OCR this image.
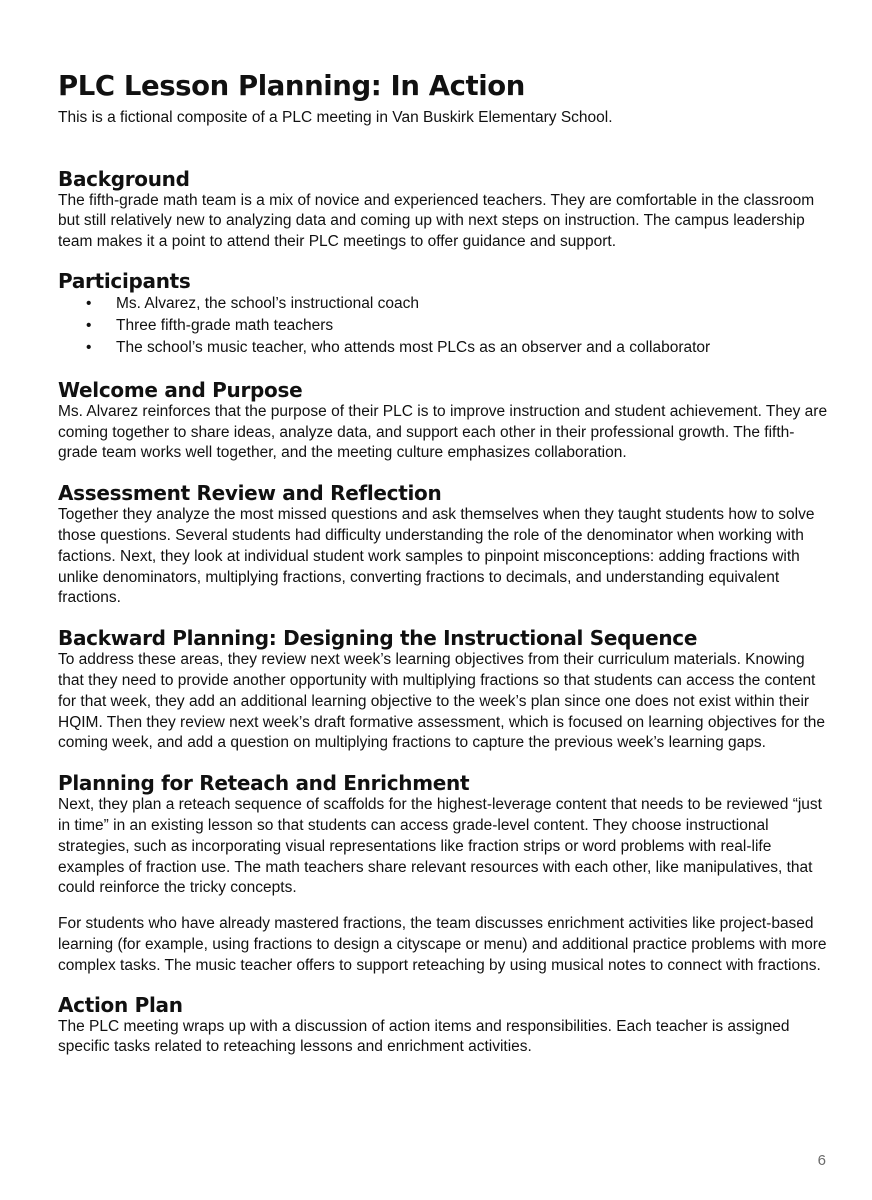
PLC Lesson Planning: In Action

This is a fictional composite of a PLC meeting in Van Buskirk Elementary School.

Background

The fifth-grade math team is a mix of novice and experienced teachers. They are comfortable in the classroom but still relatively new to analyzing data and coming up with next steps on instruction. The campus leadership team makes it a point to attend their PLC meetings to offer guidance and support.

Participants
• Ms. Alvarez, the school’s instructional coach
• Three fifth-grade math teachers
• The school’s music teacher, who attends most PLCs as an observer and a collaborator
Welcome and Purpose

Ms. Alvarez reinforces that the purpose of their PLC is to improve instruction and student achievement. They are coming together to share ideas, analyze data, and support each other in their professional growth. The fifth-grade team works well together, and the meeting culture emphasizes collaboration.

Assessment Review and Reflection

Together they analyze the most missed questions and ask themselves when they taught students how to solve those questions. Several students had difficulty understanding the role of the denominator when working with factions. Next, they look at individual student work samples to pinpoint misconceptions: adding fractions with unlike denominators, multiplying fractions, converting fractions to decimals, and understanding equivalent fractions.

Backward Planning: Designing the Instructional Sequence

To address these areas, they review next week’s learning objectives from their curriculum materials. Knowing that they need to provide another opportunity with multiplying fractions so that students can access the content for that week, they add an additional learning objective to the week’s plan since one does not exist within their HQIM. Then they review next week’s draft formative assessment, which is focused on learning objectives for the coming week, and add a question on multiplying fractions to capture the previous week’s learning gaps.

Planning for Reteach and Enrichment

Next, they plan a reteach sequence of scaffolds for the highest-leverage content that needs to be reviewed “just in time” in an existing lesson so that students can access grade-level content. They choose instructional strategies, such as incorporating visual representations like fraction strips or word problems with real-life examples of fraction use. The math teachers share relevant resources with each other, like manipulatives, that could reinforce the tricky concepts.

For students who have already mastered fractions, the team discusses enrichment activities like project-based learning (for example, using fractions to design a cityscape or menu) and additional practice problems with more complex tasks. The music teacher offers to support reteaching by using musical notes to connect with fractions.

Action Plan

The PLC meeting wraps up with a discussion of action items and responsibilities. Each teacher is assigned specific tasks related to reteaching lessons and enrichment activities.

6
